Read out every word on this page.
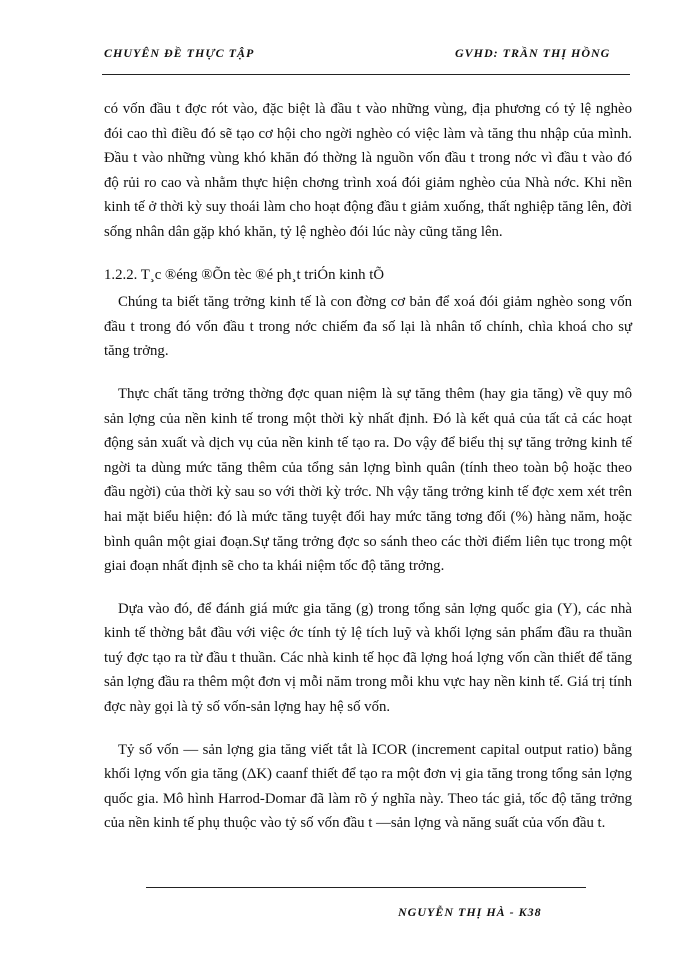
CHUYÊN ĐỀ THỰC TẬP	GVHD: TRẦN THỊ HỒNG

có vốn đầu t đợc rót vào, đặc biệt là đầu t vào những vùng, địa phương có tỷ lệ nghèo đói cao thì điều đó sẽ tạo cơ hội cho ngời nghèo có việc làm và tăng thu nhập của mình. Đầu t vào những vùng khó khăn đó thờng là nguồn vốn đầu t trong nớc vì đầu t vào đó độ rủi ro cao và nhằm thực hiện chơng trình xoá đói giảm nghèo của Nhà nớc. Khi nền kinh tế ở thời kỳ suy thoái làm cho hoạt động đầu t giảm xuống, thất nghiệp tăng lên, đời sống nhân dân gặp khó khăn, tỷ lệ nghèo đói lúc này cũng tăng lên.

1.2.2. T¸c ®éng ®Õn tèc ®é ph¸t triÓn kinh tÕ

Chúng ta biết tăng trởng kinh tế là con đờng cơ bản để xoá đói giảm nghèo song vốn đầu t trong đó vốn đầu t trong nớc chiếm đa số lại là nhân tố chính, chìa khoá cho sự tăng trởng.

Thực chất tăng trởng thờng đợc quan niệm là sự tăng thêm (hay gia tăng) về quy mô sản lợng của nền kinh tế trong một thời kỳ nhất định. Đó là kết quả của tất cả các hoạt động sản xuất và dịch vụ của nền kinh tế tạo ra. Do vậy để biểu thị sự tăng trởng kinh tế ngời ta dùng mức tăng thêm của tổng sản lợng bình quân (tính theo toàn bộ hoặc theo đầu ngời) của thời kỳ sau so với thời kỳ trớc. Nh vậy tăng trởng kinh tế đợc xem xét trên hai mặt biểu hiện: đó là mức tăng tuyệt đối hay mức tăng tơng đối (%) hàng năm, hoặc bình quân một giai đoạn.Sự tăng trởng đợc so sánh theo các thời điểm liên tục trong một giai đoạn nhất định sẽ cho ta khái niệm tốc độ tăng trởng.

Dựa vào đó, để đánh giá mức gia tăng (g) trong tổng sản lợng quốc gia (Y), các nhà kinh tế thờng bắt đầu với việc ớc tính tỷ lệ tích luỹ và khối lợng sản phẩm đầu ra thuần tuý đợc tạo ra từ đầu t thuần. Các nhà kinh tế học đã lợng hoá lợng vốn cần thiết để tăng sản lợng đầu ra thêm một đơn vị mỗi năm trong mỗi khu vực hay nền kinh tế. Giá trị tính đợc này gọi là tỷ số vốn-sản lợng hay hệ số vốn.

Tỷ số vốn — sản lợng gia tăng viết tắt là ICOR (increment capital output ratio) bằng khối lợng vốn gia tăng (ΔK) caanf thiết để tạo ra một đơn vị gia tăng trong tổng sản lợng quốc gia. Mô hình Harrod-Domar đã làm rõ ý nghĩa này. Theo tác giả, tốc độ tăng trởng của nền kinh tế phụ thuộc vào tỷ số vốn đầu t —sản lợng và năng suất của vốn đầu t.

NGUYỄN THỊ HÀ - K38
